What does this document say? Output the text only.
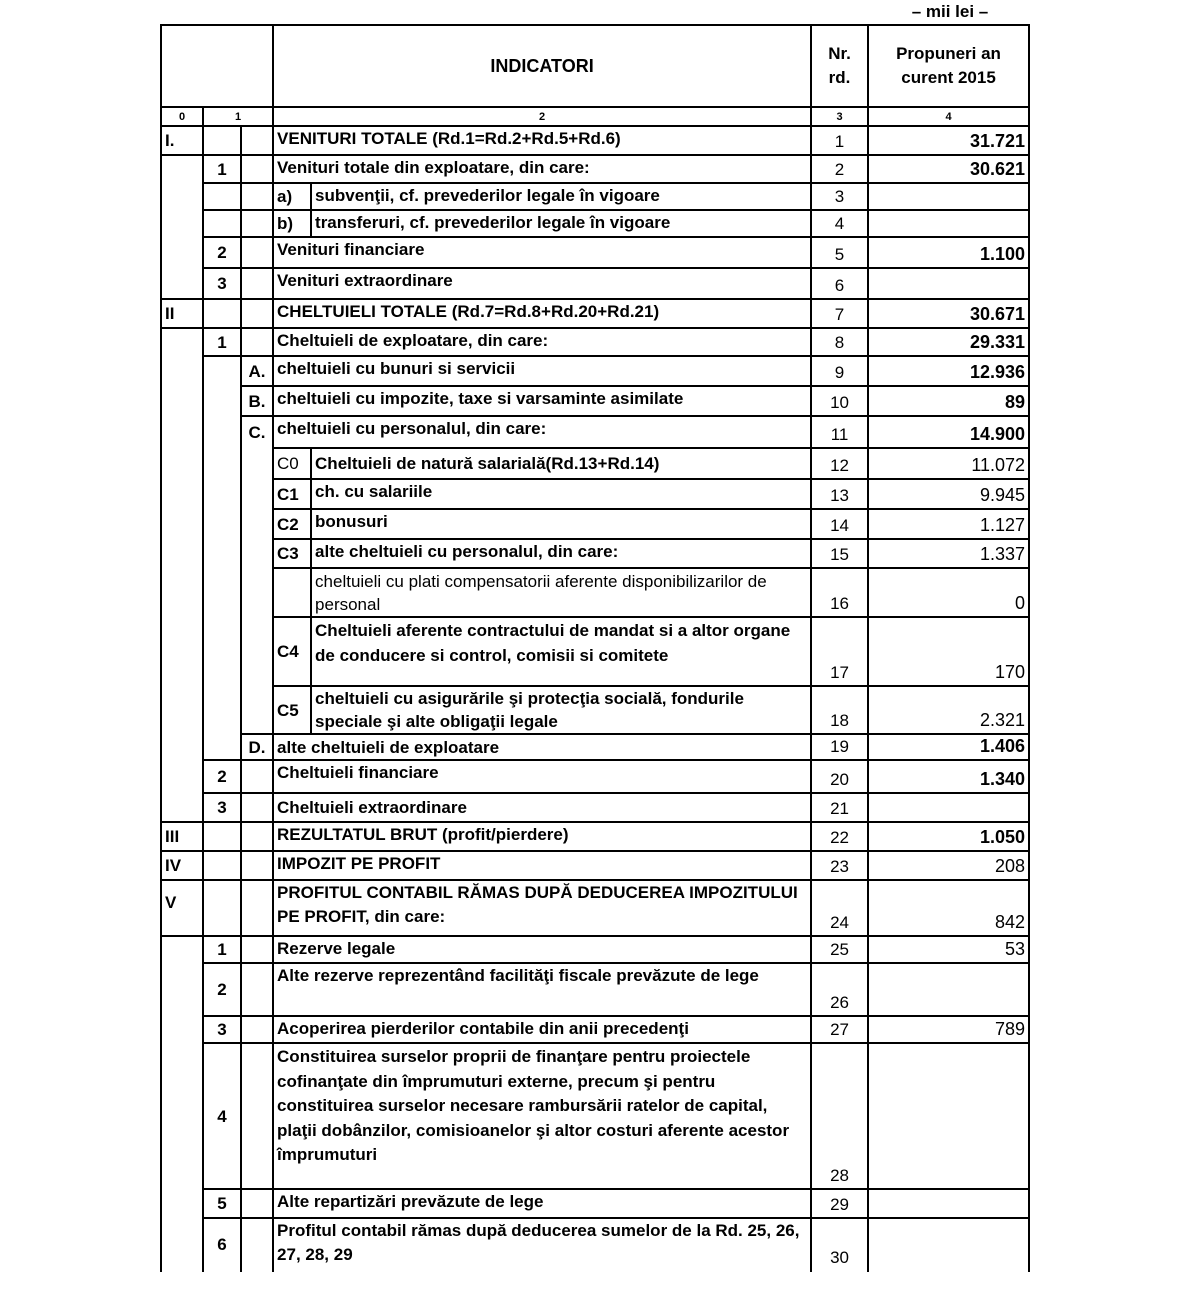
– mii lei –
			INDICATORI		Nr.
rd.	Propuneri an curent 2015
0	1		2		3	4
I.			VENITURI TOTALE (Rd.1=Rd.2+Rd.5+Rd.6)		1	31.721
	1		Venituri totale din exploatare, din care:		2	30.621
			a)	subvenţii, cf. prevederilor legale în vigoare	3	
			b)	transferuri, cf. prevederilor legale în vigoare	4	
	2		Venituri financiare		5	1.100
	3		Venituri extraordinare		6	
II			CHELTUIELI TOTALE (Rd.7=Rd.8+Rd.20+Rd.21)		7	30.671
	1		Cheltuieli de exploatare, din care:		8	29.331
		A.	cheltuieli cu bunuri si servicii		9	12.936
		B.	cheltuieli cu impozite, taxe si varsaminte asimilate		10	89
		C.	cheltuieli cu personalul, din care:		11	14.900
			C0	Cheltuieli de natură salarială(Rd.13+Rd.14)	12	11.072
			C1	ch. cu salariile	13	9.945
			C2	bonusuri	14	1.127
			C3	alte cheltuieli cu personalul, din care:	15	1.337
				cheltuieli cu plati compensatorii aferente disponibilizarilor de personal	16	0
			C4	Cheltuieli aferente contractului de mandat si a altor organe de conducere si control, comisii si comitete	17	170
			C5	cheltuieli cu asigurările şi protecţia socială, fondurile speciale şi alte obligaţii legale	18	2.321
		D.	alte cheltuieli de exploatare		19	1.406
	2		Cheltuieli financiare		20	1.340
	3		Cheltuieli extraordinare		21	
III			REZULTATUL BRUT (profit/pierdere)		22	1.050
IV			IMPOZIT PE PROFIT		23	208
V			PROFITUL CONTABIL RĂMAS DUPĂ DEDUCEREA IMPOZITULUI PE PROFIT, din care:		24	842
	1		Rezerve legale		25	53
	2		Alte rezerve reprezentând facilităţi fiscale prevăzute de lege		26	
	3		Acoperirea pierderilor contabile din anii precedenţi		27	789
	4		Constituirea surselor proprii de finanţare pentru proiectele cofinanţate din împrumuturi externe, precum şi pentru constituirea surselor necesare rambursării ratelor de capital, plaţii dobânzilor, comisioanelor şi altor costuri aferente acestor împrumuturi		28	
	5		Alte repartizări prevăzute de lege		29	
	6		Profitul contabil rămas după deducerea sumelor de la Rd. 25, 26, 27, 28, 29		30	
